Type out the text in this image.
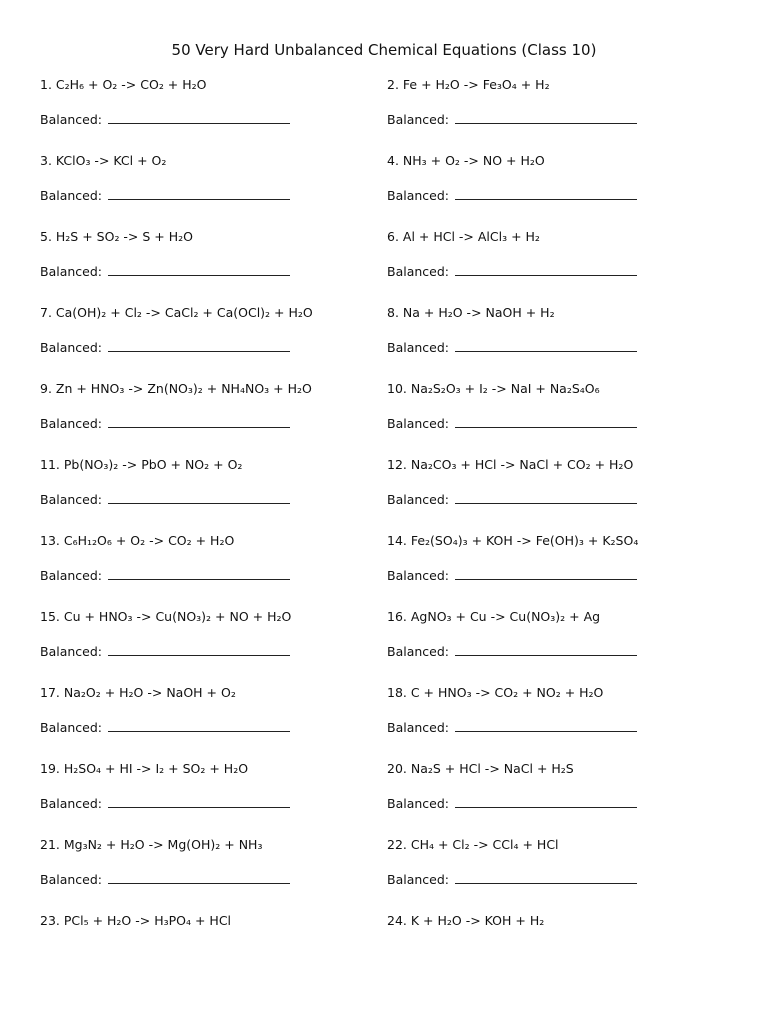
50 Very Hard Unbalanced Chemical Equations (Class 10)
1. C₂H₆ + O₂ -> CO₂ + H₂O
Balanced:
2. Fe + H₂O -> Fe₃O₄ + H₂
Balanced:
3. KClO₃ -> KCl + O₂
Balanced:
4. NH₃ + O₂ -> NO + H₂O
Balanced:
5. H₂S + SO₂ -> S + H₂O
Balanced:
6. Al + HCl -> AlCl₃ + H₂
Balanced:
7. Ca(OH)₂ + Cl₂ -> CaCl₂ + Ca(OCl)₂ + H₂O
Balanced:
8. Na + H₂O -> NaOH + H₂
Balanced:
9. Zn + HNO₃ -> Zn(NO₃)₂ + NH₄NO₃ + H₂O
Balanced:
10. Na₂S₂O₃ + I₂ -> NaI + Na₂S₄O₆
Balanced:
11. Pb(NO₃)₂ -> PbO + NO₂ + O₂
Balanced:
12. Na₂CO₃ + HCl -> NaCl + CO₂ + H₂O
Balanced:
13. C₆H₁₂O₆ + O₂ -> CO₂ + H₂O
Balanced:
14. Fe₂(SO₄)₃ + KOH -> Fe(OH)₃ + K₂SO₄
Balanced:
15. Cu + HNO₃ -> Cu(NO₃)₂ + NO + H₂O
Balanced:
16. AgNO₃ + Cu -> Cu(NO₃)₂ + Ag
Balanced:
17. Na₂O₂ + H₂O -> NaOH + O₂
Balanced:
18. C + HNO₃ -> CO₂ + NO₂ + H₂O
Balanced:
19. H₂SO₄ + HI -> I₂ + SO₂ + H₂O
Balanced:
20. Na₂S + HCl -> NaCl + H₂S
Balanced:
21. Mg₃N₂ + H₂O -> Mg(OH)₂ + NH₃
Balanced:
22. CH₄ + Cl₂ -> CCl₄ + HCl
Balanced:
23. PCl₅ + H₂O -> H₃PO₄ + HCl	24. K + H₂O -> KOH + H₂
